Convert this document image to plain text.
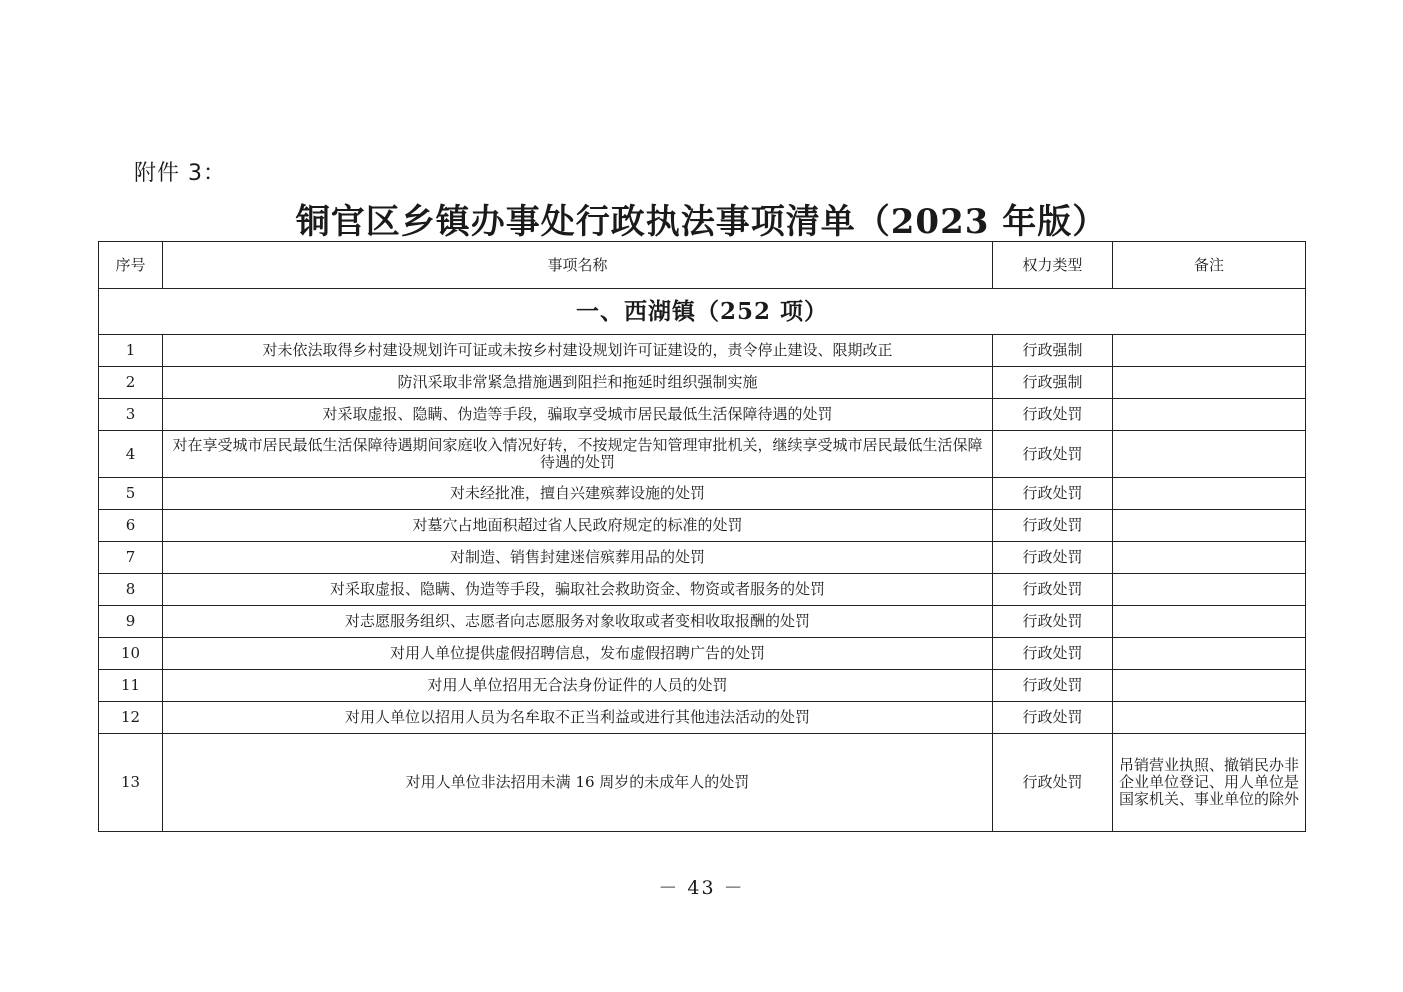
附件 3：
铜官区乡镇办事处行政执法事项清单（2023 年版）
序号	事项名称	权力类型	备注
一、西湖镇（252 项）			
1	对未依法取得乡村建设规划许可证或未按乡村建设规划许可证建设的，责令停止建设、限期改正	行政强制	
2	防汛采取非常紧急措施遇到阻拦和拖延时组织强制实施	行政强制	
3	对采取虚报、隐瞒、伪造等手段，骗取享受城市居民最低生活保障待遇的处罚	行政处罚	
4	对在享受城市居民最低生活保障待遇期间家庭收入情况好转，不按规定告知管理审批机关，继续享受城市居民最低生活保障待遇的处罚	行政处罚	
5	对未经批准，擅自兴建殡葬设施的处罚	行政处罚	
6	对墓穴占地面积超过省人民政府规定的标准的处罚	行政处罚	
7	对制造、销售封建迷信殡葬用品的处罚	行政处罚	
8	对采取虚报、隐瞒、伪造等手段，骗取社会救助资金、物资或者服务的处罚	行政处罚	
9	对志愿服务组织、志愿者向志愿服务对象收取或者变相收取报酬的处罚	行政处罚	
10	对用人单位提供虚假招聘信息，发布虚假招聘广告的处罚	行政处罚	
11	对用人单位招用无合法身份证件的人员的处罚	行政处罚	
12	对用人单位以招用人员为名牟取不正当利益或进行其他违法活动的处罚	行政处罚	
13	对用人单位非法招用未满 16 周岁的未成年人的处罚	行政处罚	吊销营业执照、撤销民办非企业单位登记、用人单位是国家机关、事业单位的除外
－ 43 －
